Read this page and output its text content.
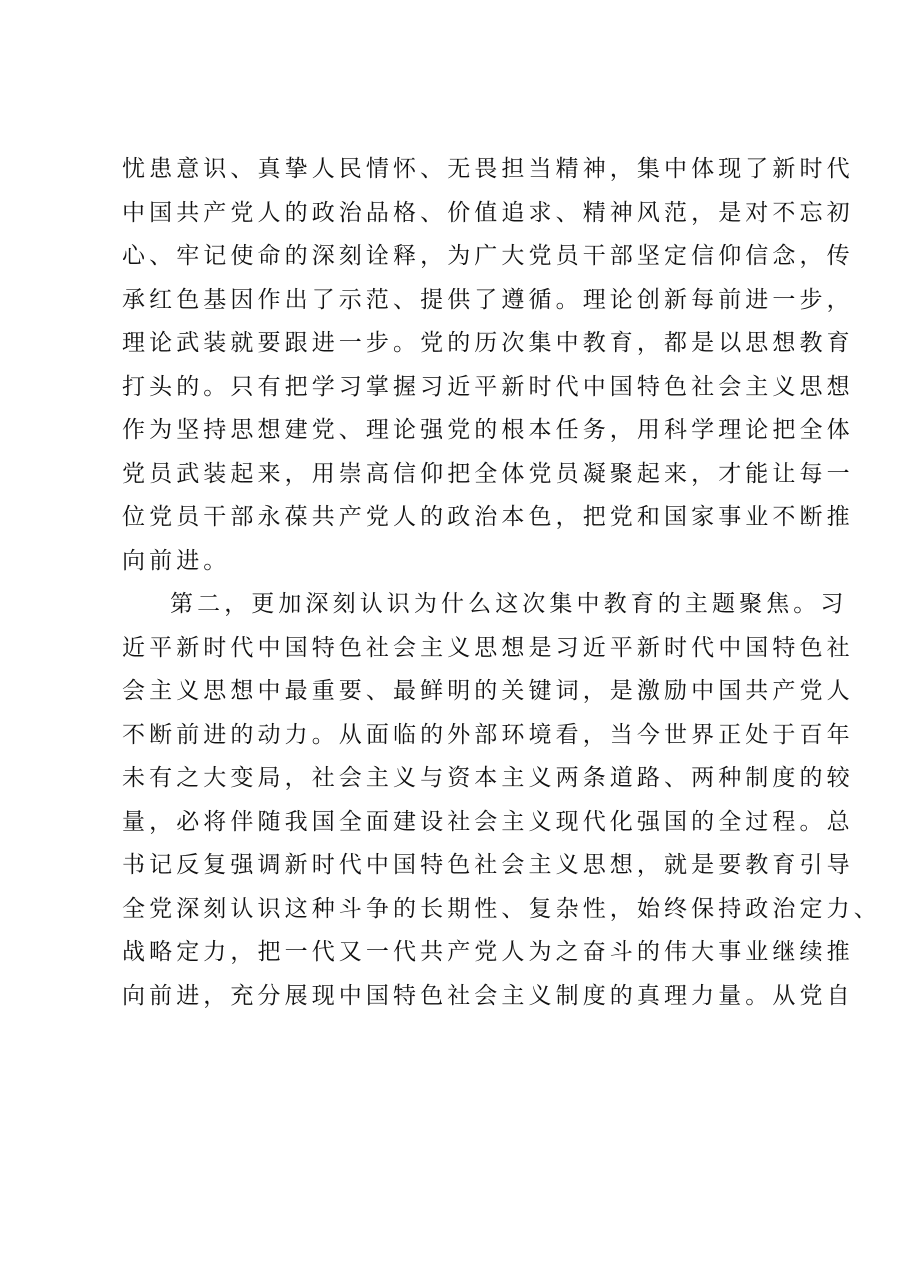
忧患意识、真挚人民情怀、无畏担当精神，集中体现了新时代
中国共产党人的政治品格、价值追求、精神风范，是对不忘初
心、牢记使命的深刻诠释，为广大党员干部坚定信仰信念，传
承红色基因作出了示范、提供了遵循。理论创新每前进一步，
理论武装就要跟进一步。党的历次集中教育，都是以思想教育
打头的。只有把学习掌握习近平新时代中国特色社会主义思想
作为坚持思想建党、理论强党的根本任务，用科学理论把全体
党员武装起来，用崇高信仰把全体党员凝聚起来，才能让每一
位党员干部永葆共产党人的政治本色，把党和国家事业不断推
向前进。
第二，更加深刻认识为什么这次集中教育的主题聚焦。习
近平新时代中国特色社会主义思想是习近平新时代中国特色社
会主义思想中最重要、最鲜明的关键词，是激励中国共产党人
不断前进的动力。从面临的外部环境看，当今世界正处于百年
未有之大变局，社会主义与资本主义两条道路、两种制度的较
量，必将伴随我国全面建设社会主义现代化强国的全过程。总
书记反复强调新时代中国特色社会主义思想，就是要教育引导
全党深刻认识这种斗争的长期性、复杂性，始终保持政治定力、
战略定力，把一代又一代共产党人为之奋斗的伟大事业继续推
向前进，充分展现中国特色社会主义制度的真理力量。从党自
